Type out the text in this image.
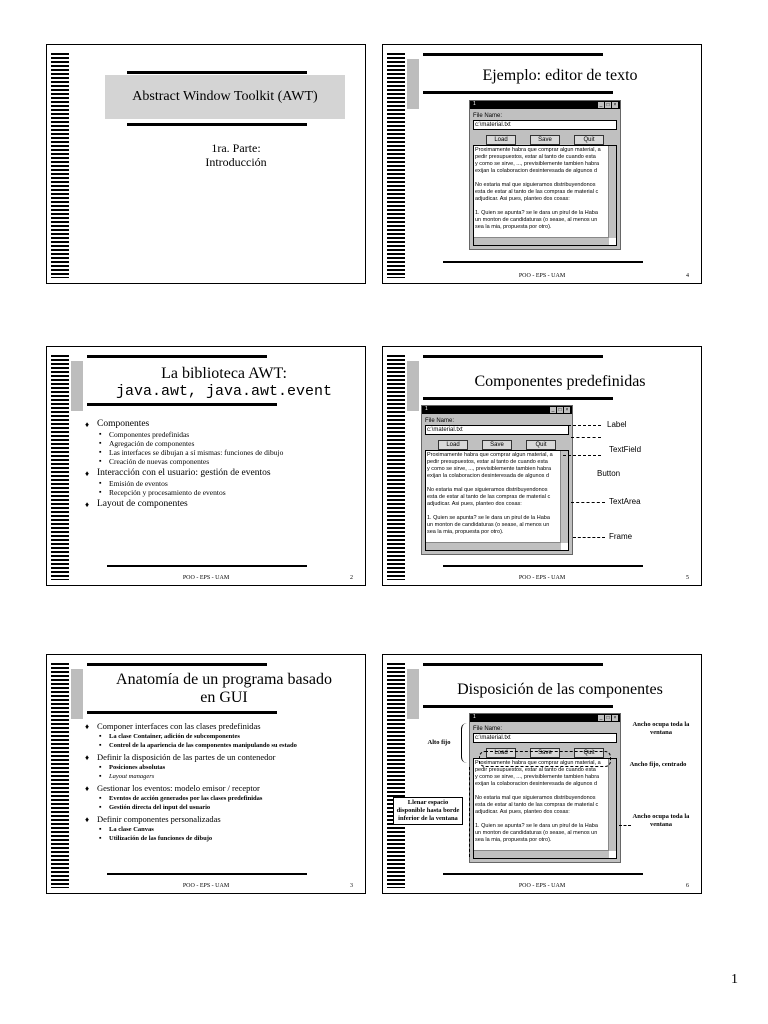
Abstract Window Toolkit (AWT)
1ra. Parte:
Introducción
Ejemplo: editor de texto
1	_ □ ×
File Name:
c:\material.txt
Load	Save	Quit
Proximamente habra que comprar algun material, a
pedir presupuestos, estar al tanto de cuando esta
y como se sirve, ..., previsiblemente tambien habra
exijan la colaboracion desinteresada de algunos d

No estaria mal que siguieramos distribuyendonos
esta de estar al tanto de las compras de material c
adjudicar. Asi pues, planteo dos cosas:

1. Quien se apunta? se le dara un pirul de la Haba
un monton de candidaturas (o sease, al menos un
sea la mia, propuesta por otro).
POO - EPS - UAM	4
La biblioteca AWT:
java.awt, java.awt.event
♦ Componentes
▪ Componentes predefinidas
▪ Agregación de componentes
▪ Las interfaces se dibujan a sí mismas: funciones de dibujo
▪ Creación de nuevas componentes
♦ Interacción con el usuario: gestión de eventos
▪ Emisión de eventos
▪ Recepción y procesamiento de eventos
♦ Layout de componentes
POO - EPS - UAM	2
Componentes predefinidas
1	_ □ ×
File Name:
c:\material.txt
Load	Save	Quit
Proximamente habra que comprar algun material, a
pedir presupuestos, estar al tanto de cuando esta
y como se sirve, ..., previsiblemente tambien habra
exijan la colaboracion desinteresada de algunos d

No estaria mal que siguieramos distribuyendonos
esta de estar al tanto de las compras de material c
adjudicar. Asi pues, planteo dos cosas:

1. Quien se apunta? se le dara un pirul de la Haba
un monton de candidaturas (o sease, al menos un
sea la mia, propuesta por otro).
Label
TextField
Button
TextArea
Frame
POO - EPS - UAM	5
Anatomía de un programa basado
en GUI
♦ Componer interfaces con las clases predefinidas
▪ La clase Container, adición de subcomponentes
▪ Control de la apariencia de las componentes manipulando su estado
♦ Definir la disposición de las partes de un contenedor
▪ Posiciones absolutas
▪ Layout managers
♦ Gestionar los eventos: modelo emisor / receptor
▪ Eventos de acción generados por las clases predefinidas
▪ Gestión directa del input del usuario
♦ Definir componentes personalizadas
▪ La clase Canvas
▪ Utilización de las funciones de dibujo
POO - EPS - UAM	3
Disposición de las componentes
1	_ □ ×
File Name:
c:\material.txt
Load	Save	Quit
Proximamente habra que comprar algun material, a
pedir presupuestos, estar al tanto de cuando esta
y como se sirve, ..., previsiblemente tambien habra
exijan la colaboracion desinteresada de algunos d

No estaria mal que siguieramos distribuyendonos
esta de estar al tanto de las compras de material c
adjudicar. Asi pues, planteo dos cosas:

1. Quien se apunta? se le dara un pirul de la Haba
un monton de candidaturas (o sease, al menos un
sea la mia, propuesta por otro).
Alto fijo
Ancho ocupa toda la ventana
Ancho fijo, centrado
Ancho ocupa toda la ventana
Llenar espacio disponible hasta borde inferior de la ventana
POO - EPS - UAM	6
1
